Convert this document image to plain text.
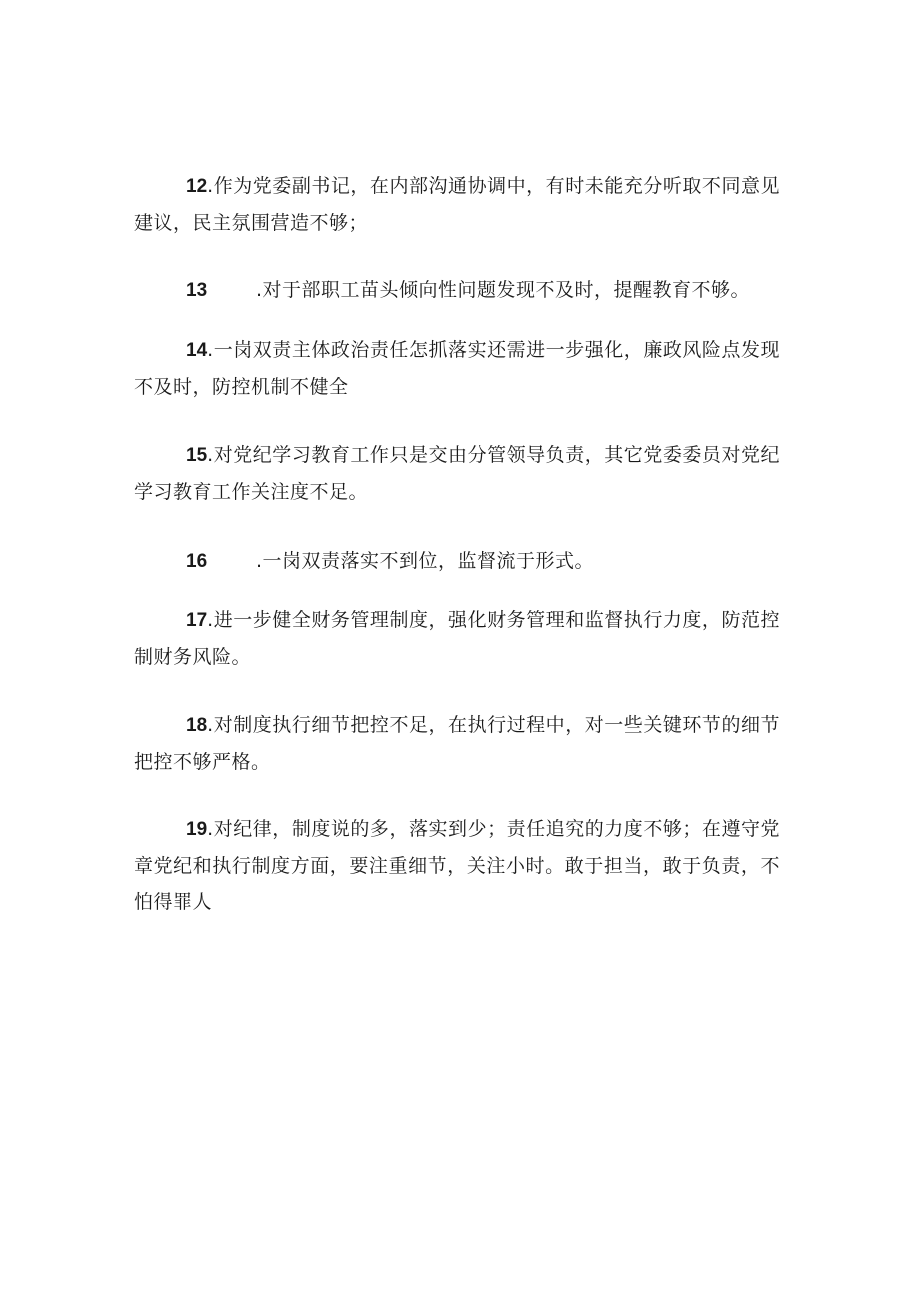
12.作为党委副书记，在内部沟通协调中，有时未能充分听取不同意见建议，民主氛围营造不够；

13	.对于部职工苗头倾向性问题发现不及时，提醒教育不够。

14.一岗双责主体政治责任怎抓落实还需进一步强化，廉政风险点发现不及时，防控机制不健全

15.对党纪学习教育工作只是交由分管领导负责，其它党委委员对党纪学习教育工作关注度不足。

16	.一岗双责落实不到位，监督流于形式。

17.进一步健全财务管理制度，强化财务管理和监督执行力度，防范控制财务风险。

18.对制度执行细节把控不足，在执行过程中，对一些关键环节的细节把控不够严格。

19.对纪律，制度说的多，落实到少；责任追究的力度不够；在遵守党章党纪和执行制度方面，要注重细节，关注小时。敢于担当，敢于负责，不怕得罪人
